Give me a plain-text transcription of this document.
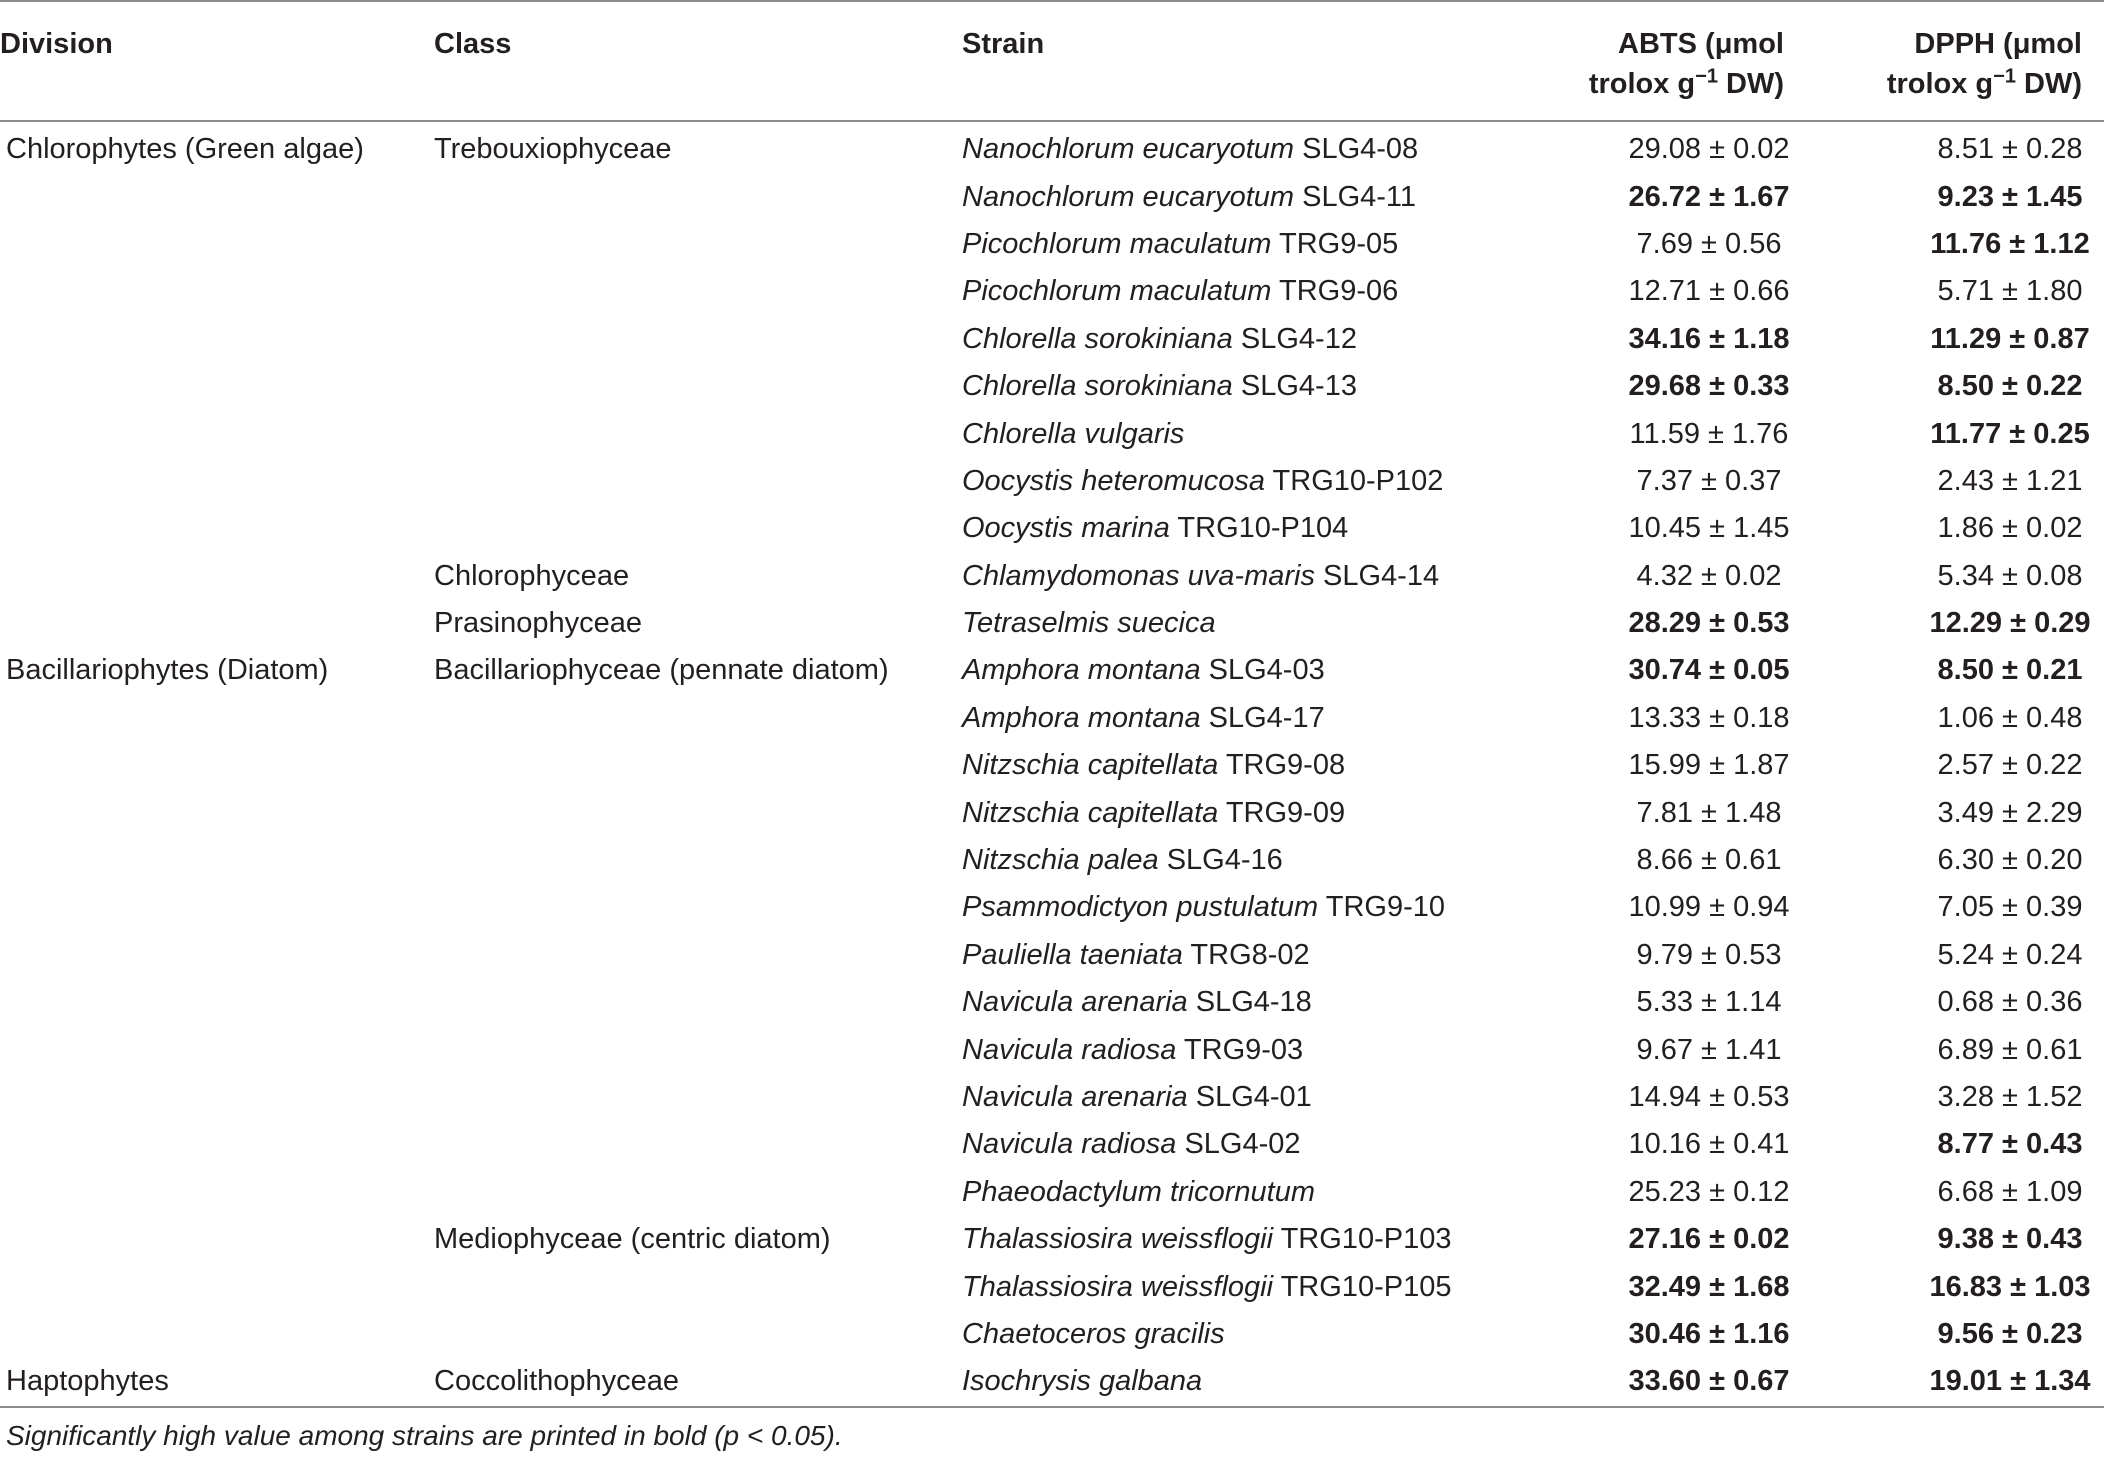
Division	Class	Strain	ABTS (μmol
trolox $g^{-1}$ DW)	DPPH (μmol
trolox $g^{-1}$ DW)
Chlorophytes (Green algae)	Trebouxiophyceae	Nanochlorum eucaryotum SLG4-08	29.08 ± 0.02	8.51 ± 0.28
		Nanochlorum eucaryotum SLG4-11	26.72 ± 1.67	9.23 ± 1.45
		Picochlorum maculatum TRG9-05	7.69 ± 0.56	11.76 ± 1.12
		Picochlorum maculatum TRG9-06	12.71 ± 0.66	5.71 ± 1.80
		Chlorella sorokiniana SLG4-12	34.16 ± 1.18	11.29 ± 0.87
		Chlorella sorokiniana SLG4-13	29.68 ± 0.33	8.50 ± 0.22
		Chlorella vulgaris	11.59 ± 1.76	11.77 ± 0.25
		Oocystis heteromucosa TRG10-P102	7.37 ± 0.37	2.43 ± 1.21
		Oocystis marina TRG10-P104	10.45 ± 1.45	1.86 ± 0.02
	Chlorophyceae	Chlamydomonas uva-maris SLG4-14	4.32 ± 0.02	5.34 ± 0.08
	Prasinophyceae	Tetraselmis suecica	28.29 ± 0.53	12.29 ± 0.29
Bacillariophytes (Diatom)	Bacillariophyceae (pennate diatom)	Amphora montana SLG4-03	30.74 ± 0.05	8.50 ± 0.21
		Amphora montana SLG4-17	13.33 ± 0.18	1.06 ± 0.48
		Nitzschia capitellata TRG9-08	15.99 ± 1.87	2.57 ± 0.22
		Nitzschia capitellata TRG9-09	7.81 ± 1.48	3.49 ± 2.29
		Nitzschia palea SLG4-16	8.66 ± 0.61	6.30 ± 0.20
		Psammodictyon pustulatum TRG9-10	10.99 ± 0.94	7.05 ± 0.39
		Pauliella taeniata TRG8-02	9.79 ± 0.53	5.24 ± 0.24
		Navicula arenaria SLG4-18	5.33 ± 1.14	0.68 ± 0.36
		Navicula radiosa TRG9-03	9.67 ± 1.41	6.89 ± 0.61
		Navicula arenaria SLG4-01	14.94 ± 0.53	3.28 ± 1.52
		Navicula radiosa SLG4-02	10.16 ± 0.41	8.77 ± 0.43
		Phaeodactylum tricornutum	25.23 ± 0.12	6.68 ± 1.09
	Mediophyceae (centric diatom)	Thalassiosira weissflogii TRG10-P103	27.16 ± 0.02	9.38 ± 0.43
		Thalassiosira weissflogii TRG10-P105	32.49 ± 1.68	16.83 ± 1.03
		Chaetoceros gracilis	30.46 ± 1.16	9.56 ± 0.23
Haptophytes	Coccolithophyceae	Isochrysis galbana	33.60 ± 0.67	19.01 ± 1.34
Significantly high value among strains are printed in bold (p < 0.05).
